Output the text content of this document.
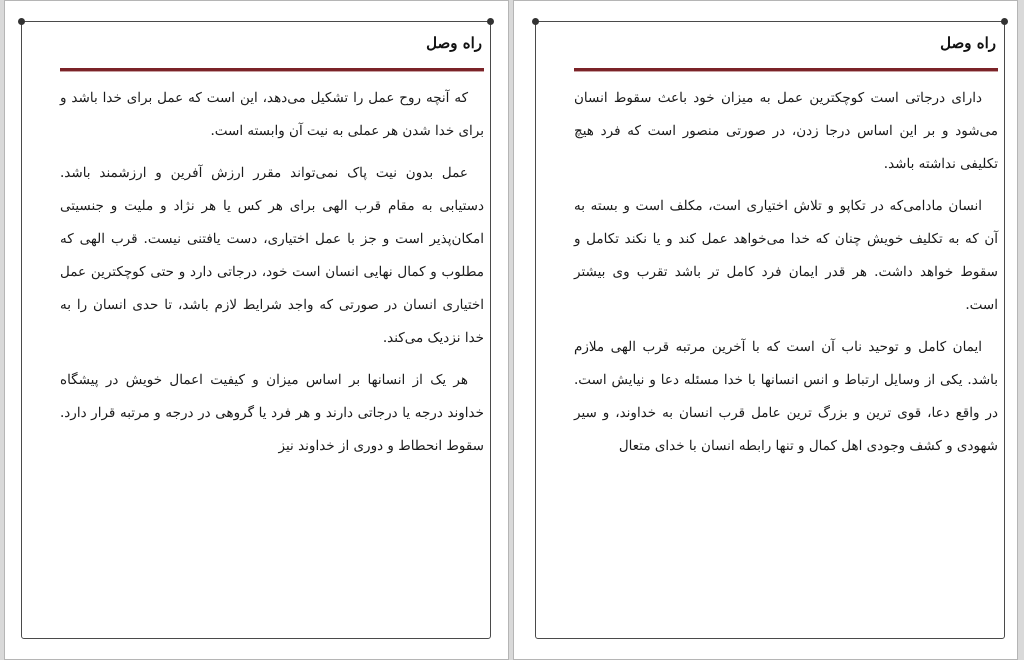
راه وصل

که آنچه روح عمل را تشکیل می‌دهد، این است که عمل برای خدا باشد و برای خدا شدن هر عملی به نیت آن وابسته است.

عمل بدون نیت پاک نمی‌تواند مقرر ارزش آفرین و ارزشمند باشد. دستیابی به مقام قرب الهی برای هر کس یا هر نژاد و ملیت و جنسیتی امکان‌پذیر است و جز با عمل اختیاری، دست یافتنی نیست. قرب الهی که مطلوب و کمال نهایی انسان است خود، درجاتی دارد و حتی کوچکترین عمل اختیاری انسان در صورتی که واجد شرایط لازم باشد، تا حدی انسان را به خدا نزدیک می‌کند.

هر یک از انسانها بر اساس میزان و کیفیت اعمال خویش در پیشگاه خداوند درجه یا درجاتی دارند و هر فرد یا گروهی در درجه و مرتبه قرار دارد. سقوط انحطاط و دوری از خداوند نیز

راه وصل

دارای درجاتی است کوچکترین عمل به میزان خود باعث سقوط انسان می‌شود و بر این اساس درجا زدن، در صورتی منصور است که فرد هیچ تکلیفی نداشته باشد.

انسان مادامی‌که در تکاپو و تلاش اختیاری است، مکلف است و بسته به آن که به تکلیف خویش چنان که خدا می‌خواهد عمل کند و یا نکند تکامل و سقوط خواهد داشت. هر قدر ایمان فرد کامل تر باشد تقرب وی بیشتر است.

ایمان کامل و توحید ناب آن است که با آخرین مرتبه قرب الهی ملازم باشد. یکی از وسایل ارتباط و انس انسانها با خدا مسئله دعا و نیایش است. در واقع دعا، قوی ترین و بزرگ ترین عامل قرب انسان به خداوند، و سیر شهودی و کشف وجودی اهل کمال و تنها رابطه انسان با خدای متعال
